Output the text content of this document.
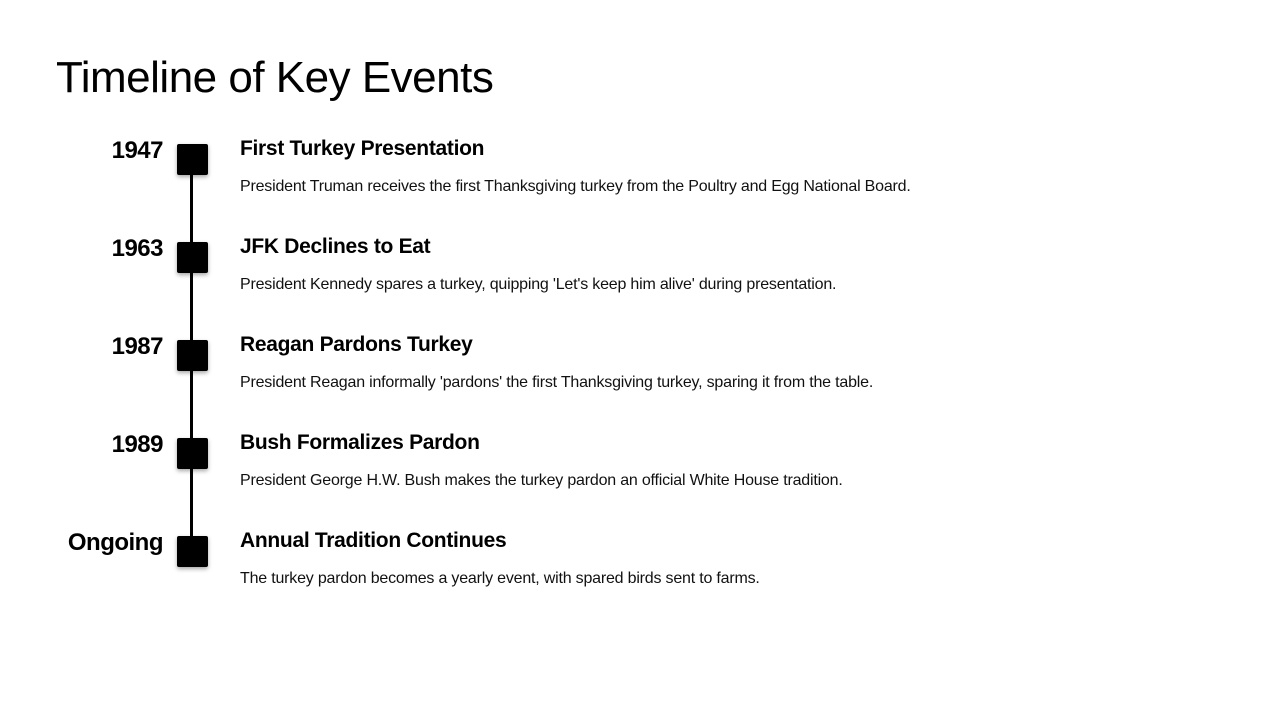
Timeline of Key Events
1947	First Turkey Presentation

President Truman receives the first Thanksgiving turkey from the Poultry and Egg National Board.

1963	JFK Declines to Eat

President Kennedy spares a turkey, quipping 'Let's keep him alive' during presentation.

1987	Reagan Pardons Turkey

President Reagan informally 'pardons' the first Thanksgiving turkey, sparing it from the table.

1989	Bush Formalizes Pardon

President George H.W. Bush makes the turkey pardon an official White House tradition.

Ongoing	Annual Tradition Continues

The turkey pardon becomes a yearly event, with spared birds sent to farms.
